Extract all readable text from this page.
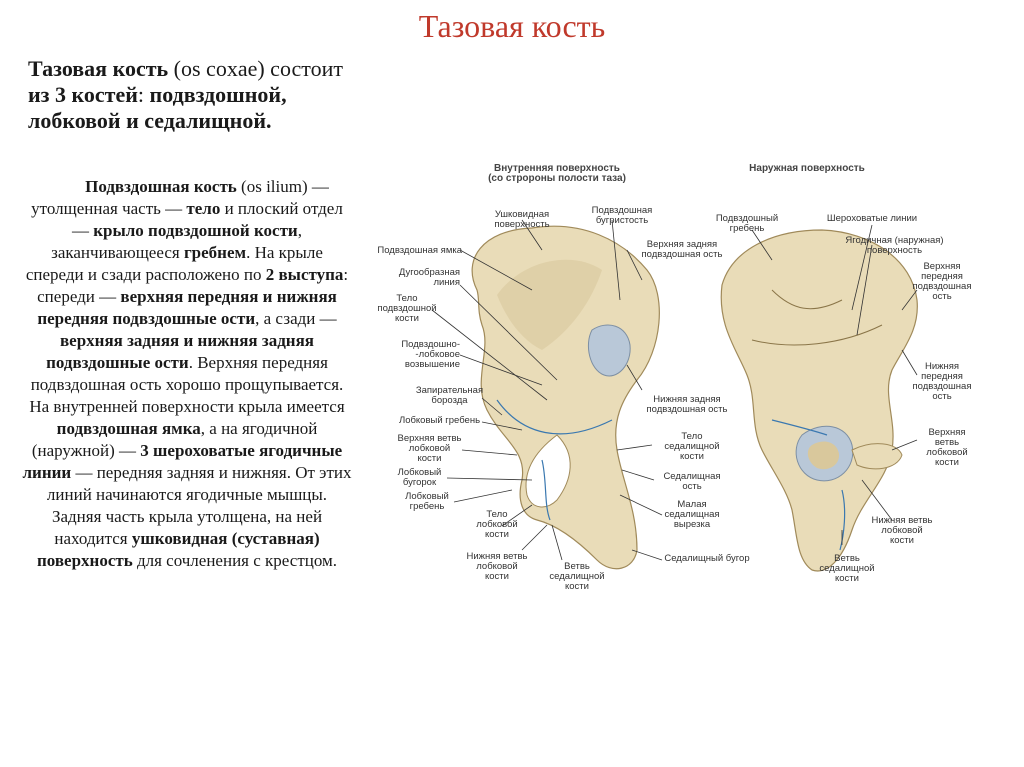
Тазовая кость
Тазовая кость (os coxae) состоит из 3 костей: подвздошной, лобковой и седалищной.
Подвздошная кость (os ilium) — утолщенная часть — тело и плоский отдел — крыло подвздошной кости, заканчивающееся гребнем. На крыле спереди и сзади расположено по 2 выступа: спереди — верхняя передняя и нижняя передняя подвздошные ости, а сзади — верхняя задняя и нижняя задняя подвздошные ости. Верхняя передняя подвздошная ость хорошо прощупывается. На внутренней поверхности крыла имеется подвздошная ямка, а на ягодичной (наружной) — 3 шероховатые ягодичные линии — передняя задняя и нижняя. От этих линий начинаются ягодичные мышцы. Задняя часть крыла утолщена, на ней находится ушковидная (суставная) поверхность для сочленения с крестцом.
Внутренняя поверхность
(со стророны полости таза)
Наружная поверхность
Ушковидная
поверхность
Подвздошная
бугристость
Подвздошная ямка
Дугообразная
линия
Тело
подвздошной
кости
Подвздошно-
-лобковое
возвышение
Запирательная
борозда
Лобковый гребень
Верхняя ветвь
лобковой
кости
Лобковый
бугорок
Лобковый
гребень
Тело
лобковой
кости
Нижняя ветвь
лобковой
кости
Ветвь
седалищной
кости
Верхняя задняя
подвздошная ость
Нижняя задняя
подвздошная ость
Тело
седалищной
кости
Седалищная
ость
Малая
седалищная
вырезка
Седалищный бугор
Подвздошный
гребень
Шероховатые линии
Ягодичная (наружная)
поверхность
Верхняя
передняя
подвздошная
ость
Нижняя
передняя
подвздошная
ость
Верхняя
ветвь
лобковой
кости
Нижняя ветвь
лобковой
кости
Ветвь
седалищной
кости
